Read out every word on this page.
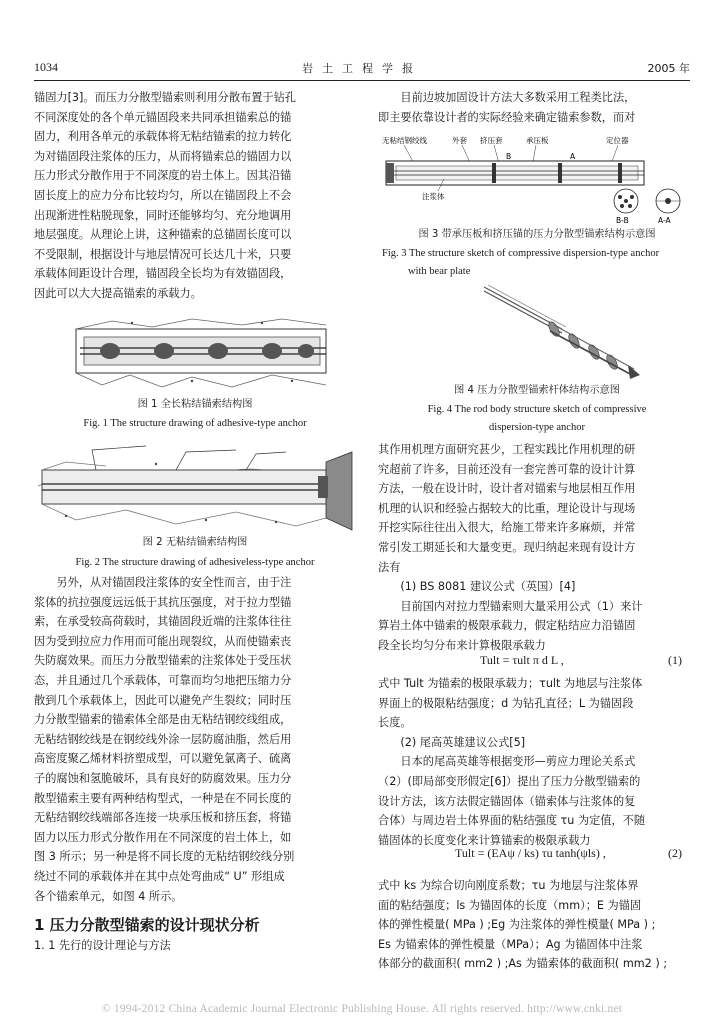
1034	岩土工程学报	2005 年
锚固力[3]。而压力分散型锚索则利用分散布置于钻孔
不同深度处的各个单元锚固段来共同承担锚索总的锚
固力，利用各单元的承载体将无粘结锚索的拉力转化
为对锚固段注浆体的压力，从而将锚索总的锚固力以
压力形式分散作用于不同深度的岩土体上。因其沿锚
固长度上的应力分布比较均匀，所以在锚固段上不会
出现渐进性粘脱现象，同时还能够均匀、充分地调用
地层强度。从理论上讲，这种锚索的总锚固长度可以
不受限制，根据设计与地层情况可长达几十米，只要
承载体间距设计合理，锚固段全长均为有效锚固段，
因此可以大大提高锚索的承载力。
图 1 全长粘结锚索结构图
Fig. 1 The structure drawing of adhesive-type anchor
图 2 无粘结锚索结构图
Fig. 2 The structure drawing of adhesiveless-type anchor
另外，从对锚固段注浆体的安全性而言，由于注
浆体的抗拉强度远远低于其抗压强度，对于拉力型锚
索，在承受较高荷载时，其锚固段近端的注浆体往往
因为受到拉应力作用而可能出现裂纹，从而使锚索丧
失防腐效果。而压力分散型锚索的注浆体处于受压状
态，并且通过几个承载体，可靠而均匀地把压缩力分
散到几个承载体上，因此可以避免产生裂纹；同时压
力分散型锚索的锚索体全部是由无粘结钢绞线组成，
无粘结钢绞线是在钢绞线外涂一层防腐油脂，然后用
高密度聚乙烯材料挤塑成型，可以避免氯离子、硫离
子的腐蚀和氢脆破坏，具有良好的防腐效果。压力分
散型锚索主要有两种结构型式，一种是在不同长度的
无粘结钢绞线端部各连接一块承压板和挤压套，将锚
固力以压力形式分散作用在不同深度的岩土体上，如
图 3 所示；另一种是将不同长度的无粘结钢绞线分别
绕过不同的承载体并在其中点处弯曲成“ U” 形组成
各个锚索单元，如图 4 所示。
1 压力分散型锚索的设计现状分析
1. 1 先行的设计理论与方法
目前边坡加固设计方法大多数采用工程类比法，
即主要依靠设计者的实际经验来确定锚索参数，而对
无粘结钢绞线	外套 挤压套	承压板	定位器
B	A
注浆体
B-B	A-A
图 3 带承压板和挤压锚的压力分散型锚索结构示意图
Fig. 3 The structure sketch of compressive dispersion-type anchor
with bear plate
图 4 压力分散型锚索杆体结构示意图
Fig. 4 The rod body structure sketch of compressive
dispersion-type anchor
其作用机理方面研究甚少，工程实践比作用机理的研
究超前了许多，目前还没有一套完善可靠的设计计算
方法，一般在设计时，设计者对锚索与地层相互作用
机理的认识和经验占据较大的比重，理论设计与现场
开挖实际往往出入很大，给施工带来许多麻烦，并常
常引发工期延长和大量变更。现归纳起来现有设计方
法有
(1) BS 8081 建议公式（英国）[4]
目前国内对拉力型锚索则大量采用公式（1）来计
算岩土体中锚索的极限承载力，假定粘结应力沿锚固
段全长均匀分布来计算极限承载力
Tult = τult π d L ,	(1)
式中 Tult 为锚索的极限承载力；τult 为地层与注浆体
界面上的极限粘结强度；d 为钻孔直径；L 为锚固段
长度。
(2) 尾高英雄建议公式[5]
日本的尾高英雄等根据变形—剪应力理论关系式
（2）(即局部变形假定[6]）提出了压力分散型锚索的
设计方法，该方法假定锚固体（锚索体与注浆体的复
合体）与周边岩土体界面的粘结强度 τu 为定值，不随
锚固体的长度变化来计算锚索的极限承载力
Tult = (EAψ / ks) τu tanh(ψls) ,	(2)
式中 ks 为综合切向刚度系数；τu 为地层与注浆体界
面的粘结强度；ls 为锚固体的长度（mm）；E 为锚固
体的弹性模量( MPa ) ;Eg 为注浆体的弹性模量( MPa ) ;
Es 为锚索体的弹性模量（MPa）；Ag 为锚固体中注浆
体部分的截面积( mm2 ) ;As 为锚索体的截面积( mm2 ) ;
© 1994-2012 China Academic Journal Electronic Publishing House. All rights reserved. http://www.cnki.net
